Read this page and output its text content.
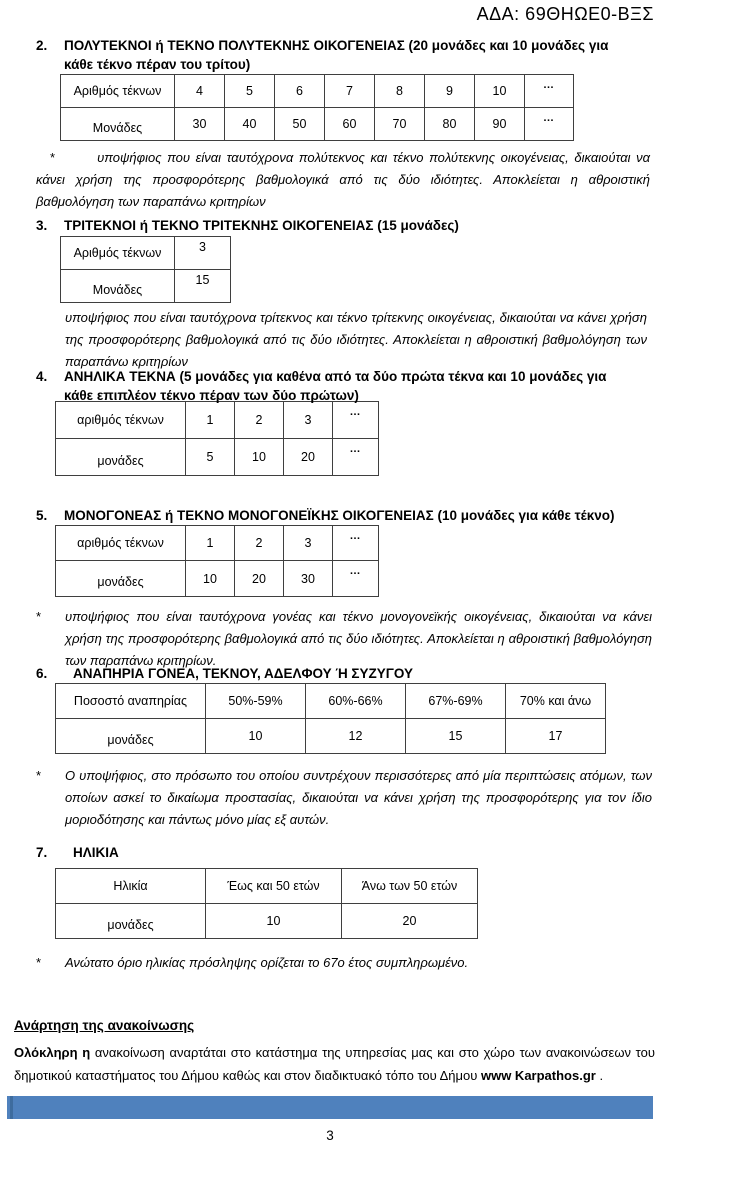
ΑΔΑ: 69ΘΗΩΕ0-ΒΞΣ
2.	ΠΟΛΥΤΕΚΝΟΙ ή ΤΕΚΝΟ ΠΟΛΥΤΕΚΝΗΣ ΟΙΚΟΓΕΝΕΙΑΣ (20 μονάδες και 10 μονάδες για κάθε τέκνο πέραν του τρίτου)
Αριθμός τέκνων	4	5	6	7	8	9	10	…
Μονάδες	30	40	50	60	70	80	90	…
*	υποψήφιος που είναι ταυτόχρονα πολύτεκνος και τέκνο πολύτεκνης οικογένειας, δικαιούται να κάνει χρήση της προσφορότερης βαθμολογικά από τις δύο ιδιότητες. Αποκλείεται η αθροιστική βαθμολόγηση των παραπάνω κριτηρίων
3.	ΤΡΙΤΕΚΝΟΙ ή ΤΕΚΝΟ ΤΡΙΤΕΚΝΗΣ ΟΙΚΟΓΕΝΕΙΑΣ (15 μονάδες)
Αριθμός τέκνων	3
Μονάδες	15
υποψήφιος που είναι ταυτόχρονα τρίτεκνος και τέκνο τρίτεκνης οικογένειας, δικαιούται να κάνει χρήση της προσφορότερης βαθμολογικά από τις δύο ιδιότητες. Αποκλείεται η αθροιστική βαθμολόγηση των παραπάνω κριτηρίων
4.	ΑΝΗΛΙΚΑ ΤΕΚΝΑ (5 μονάδες για καθένα από τα δύο πρώτα τέκνα και 10 μονάδες για κάθε επιπλέον τέκνο πέραν των δύο πρώτων)
αριθμός τέκνων	1	2	3	…
μονάδες	5	10	20	…
5.	ΜΟΝΟΓΟΝΕΑΣ ή ΤΕΚΝΟ ΜΟΝΟΓΟΝΕΪΚΗΣ ΟΙΚΟΓΕΝΕΙΑΣ (10 μονάδες για κάθε τέκνο)
αριθμός τέκνων	1	2	3	…
μονάδες	10	20	30	…
*	υποψήφιος που είναι ταυτόχρονα γονέας και τέκνο μονογονεϊκής οικογένειας, δικαιούται να κάνει χρήση της προσφορότερης βαθμολογικά από τις δύο ιδιότητες. Αποκλείεται η αθροιστική βαθμολόγηση των παραπάνω κριτηρίων.
6.	ΑΝΑΠΗΡΙΑ ΓΟΝΕΑ, ΤΕΚΝΟΥ, ΑΔΕΛΦΟΥ Ή ΣΥΖΥΓΟΥ
Ποσοστό αναπηρίας	50%-59%	60%-66%	67%-69%	70% και άνω
μονάδες	10	12	15	17
*	Ο υποψήφιος, στο πρόσωπο του οποίου συντρέχουν περισσότερες από μία περιπτώσεις ατόμων, των οποίων ασκεί το δικαίωμα προστασίας, δικαιούται να κάνει χρήση της προσφορότερης για τον ίδιο μοριοδότησης και πάντως μόνο μίας εξ αυτών.
7.	ΗΛΙΚΙΑ
Ηλικία	Έως και 50 ετών	Άνω των 50 ετών
μονάδες	10	20
*	Ανώτατο όριο ηλικίας πρόσληψης ορίζεται το 67ο έτος συμπληρωμένο.
Ανάρτηση της ανακοίνωσης
Ολόκληρη η ανακοίνωση αναρτάται στο κατάστημα της υπηρεσίας μας και στο χώρο των ανακοινώσεων του δημοτικού καταστήματος του Δήμου καθώς και στον διαδικτυακό τόπο του Δήμου www Karpathos.gr .
3
